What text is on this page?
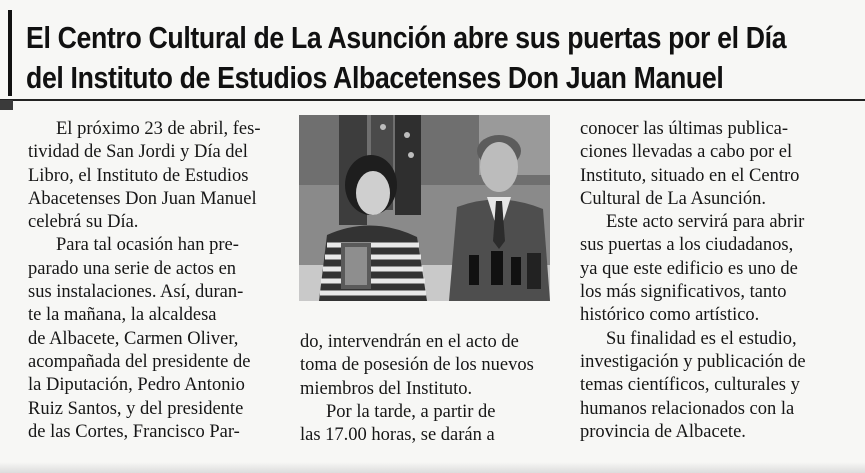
El Centro Cultural de La Asunción abre sus puertas por el Día
del Instituto de Estudios Albacetenses Don Juan Manuel
El próximo 23 de abril, fes-
tividad de San Jordi y Día del
Libro, el Instituto de Estudios
Abacetenses Don Juan Manuel
celebrá su Día.
Para tal ocasión han pre-
parado una serie de actos en
sus instalaciones. Así, duran-
te la mañana, la alcaldesa
de Albacete, Carmen Oliver,
acompañada del presidente de
la Diputación, Pedro Antonio
Ruiz Santos, y del presidente
de las Cortes, Francisco Par-
do, intervendrán en el acto de
toma de posesión de los nuevos
miembros del Instituto.
Por la tarde, a partir de
las 17.00 horas, se darán a
conocer las últimas publica-
ciones llevadas a cabo por el
Instituto, situado en el Centro
Cultural de La Asunción.
Este acto servirá para abrir
sus puertas a los ciudadanos,
ya que este edificio es uno de
los más significativos, tanto
histórico como artístico.
Su finalidad es el estudio,
investigación y publicación de
temas científicos, culturales y
humanos relacionados con la
provincia de Albacete.
